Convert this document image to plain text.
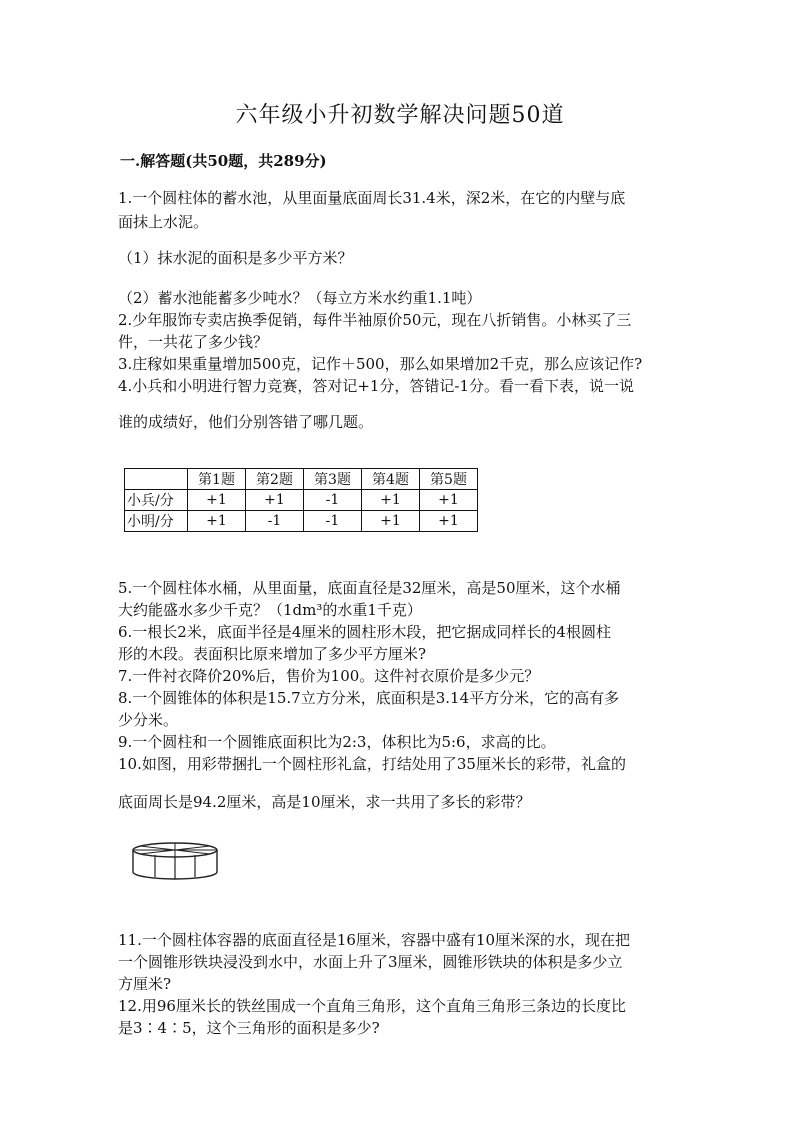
六年级小升初数学解决问题50道
一.解答题(共50题，共289分)
1.一个圆柱体的蓄水池，从里面量底面周长31.4米，深2米，在它的内壁与底
面抹上水泥。
（1）抹水泥的面积是多少平方米？
（2）蓄水池能蓄多少吨水？（每立方米水约重1.1吨）
2.少年服饰专卖店换季促销，每件半袖原价50元，现在八折销售。小林买了三
件，一共花了多少钱？
3.庄稼如果重量增加500克，记作＋500，那么如果增加2千克，那么应该记作?
4.小兵和小明进行智力竞赛，答对记+1分，答错记-1分。看一看下表，说一说
谁的成绩好，他们分别答错了哪几题。
	第1题	第2题	第3题	第4题	第5题
小兵/分	+1	+1	-1	+1	+1
小明/分	+1	-1	-1	+1	+1
5.一个圆柱体水桶，从里面量，底面直径是32厘米，高是50厘米，这个水桶
大约能盛水多少千克？（1dm³的水重1千克）
6.一根长2米，底面半径是4厘米的圆柱形木段，把它据成同样长的4根圆柱
形的木段。表面积比原来增加了多少平方厘米?
7.一件衬衣降价20%后，售价为100。这件衬衣原价是多少元？
8.一个圆锥体的体积是15.7立方分米，底面积是3.14平方分米，它的高有多
少分米。
9.一个圆柱和一个圆锥底面积比为2:3，体积比为5:6，求高的比。
10.如图，用彩带捆扎一个圆柱形礼盒，打结处用了35厘米长的彩带，礼盒的
底面周长是94.2厘米，高是10厘米，求一共用了多长的彩带？
11.一个圆柱体容器的底面直径是16厘米，容器中盛有10厘米深的水，现在把
一个圆锥形铁块浸没到水中，水面上升了3厘米，圆锥形铁块的体积是多少立
方厘米?
12.用96厘米长的铁丝围成一个直角三角形，这个直角三角形三条边的长度比
是3∶4∶5，这个三角形的面积是多少?
